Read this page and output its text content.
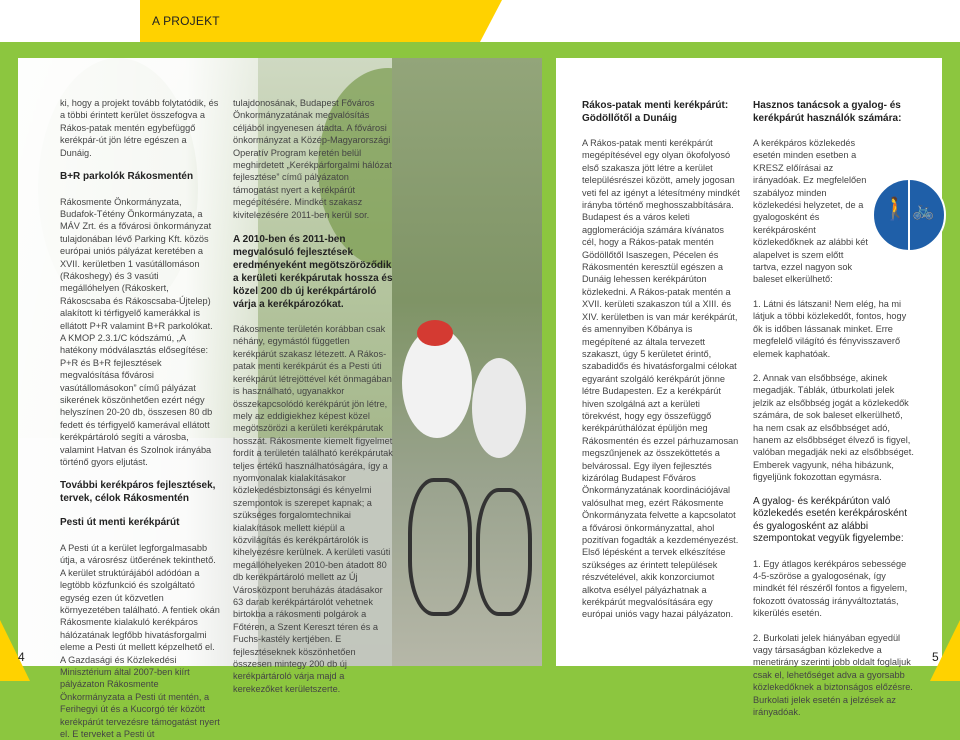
A PROJEKT

ki, hogy a projekt tovább folytatódik, és a többi érintett kerület összefogva a Rákos-patak mentén egybefüggő kerékpár-út jön létre egészen a Dunáig.

B+R parkolók Rákosmentén

Rákosmente Önkormányzata, Budafok-Tétény Önkormányzata, a MÁV Zrt. és a fővárosi önkormányzat tulajdonában lévő Parking Kft. közös európai uniós pályázat keretében a XVII. kerületben 1 vasútállomáson (Rákoshegy) és 3 vasúti megállóhelyen (Rákoskert, Rákoscsaba és Rákoscsaba-Újtelep) alakított ki térfigyelő kamerákkal is ellátott P+R valamint B+R parkolókat. A KMOP 2.3.1/C kódszámú, „A hatékony módválasztás elősegítése: P+R és B+R fejlesztések megvalósítása fővárosi vasútállomásokon” című pályázat sikerének köszönhetően ezért négy helyszínen 20-20 db, összesen 80 db fedett és térfigyelő kamerával ellátott kerékpártároló segíti a városba, valamint Hatvan és Szolnok irányába történő gyors eljutást.

További kerékpáros fejlesztések, tervek, célok Rákosmentén
Pesti út menti kerékpárút

A Pesti út a kerület legforgalmasabb útja, a városrész ütőerének tekinthető. A kerület struktúrájából adódóan a legtöbb közfunkció és szolgáltató egység ezen út közvetlen környezetében található. A fentiek okán Rákosmente kialakuló kerékpáros hálózatának legfőbb hivatásforgalmi eleme a Pesti út mellett képzelhető el. A Gazdasági és Közlekedési Minisztérium által 2007-ben kiírt pályázaton Rákosmente Önkormányzata a Pesti út mentén, a Ferihegyi út és a Kucorgó tér között kerékpárút tervezésre támogatást nyert el. E terveket a Pesti út

tulajdonosának, Budapest Főváros Önkormányzatának megvalósítás céljából ingyenesen átadta. A fővárosi önkormányzat a Közép-Magyarországi Operatív Program keretén belül meghirdetett „Kerékpárforgalmi hálózat fejlesztése” című pályázaton támogatást nyert a kerékpárút megépítésére. Mindkét szakasz kivitelezésére 2011-ben kerül sor.

A 2010-ben és 2011-ben megvalósuló fejlesztések eredményeként megötszöröződik a kerületi kerékpárutak hossza és közel 200 db új kerékpártároló várja a kerékpározókat.

Rákosmente területén korábban csak néhány, egymástól független kerékpárút szakasz létezett. A Rákos-patak menti kerékpárút és a Pesti úti kerékpárút létrejöttével két önmagában is használható, ugyanakkor összekapcsolódó kerékpárút jön létre, mely az eddigiekhez képest közel megötszörözi a kerületi kerékpárutak hosszát. Rákosmente kiemelt figyelmet fordít a területén található kerékpárutak teljes értékű használhatóságára, így a nyomvonalak kialakításakor közlekedésbiztonsági és kényelmi szempontok is szerepet kapnak; a szükséges forgalomtechnikai kialakítások mellett kiépül a közvilágítás és kerékpártárolók is kihelyezésre kerülnek. A kerületi vasúti megállóhelyeken 2010-ben átadott 80 db kerékpártároló mellett az Új Városközpont beruházás átadásakor 63 darab kerékpártárolót vehetnek birtokba a rákosmenti polgárok a Főtéren, a Szent Kereszt téren és a Fuchs-kastély kertjében. E fejlesztéseknek köszönhetően összesen mintegy 200 db új kerékpártároló várja majd a kerekezőket kerületszerte.

Rákos-patak menti kerékpárút: Gödöllőtől a Dunáig

A Rákos-patak menti kerékpárút megépítésével egy olyan ökofolyosó első szakasza jött létre a kerület településrészei között, amely jogosan veti fel az igényt a létesítmény mindkét irányba történő meghosszabbítására. Budapest és a város keleti agglomerációja számára kívánatos cél, hogy a Rákos-patak mentén Gödöllőtől Isaszegen, Pécelen és Rákosmentén keresztül egészen a Dunáig lehessen kerékpárúton közlekedni. A Rákos-patak mentén a XVII. kerületi szakaszon túl a XIII. és XIV. kerületben is van már kerékpárút, és amennyiben Kőbánya is megépítené az általa tervezett szakaszt, úgy 5 kerületet érintő, szabadidős és hivatásforgalmi célokat egyaránt szolgáló kerékpárút jönne létre Budapesten. Ez a kerékpárút hiven szolgálná azt a kerületi törekvést, hogy egy összefüggő kerékpárúthálózat épüljön meg Rákosmentén és ezzel párhuzamosan megszűnjenek az összeköttetés a belvárossal. Egy ilyen fejlesztés kizárólag Budapest Főváros Önkormányzatának koordinációjával valósulhat meg, ezért Rákosmente Önkormányzata felvette a kapcsolatot a fővárosi önkormányzattal, ahol pozitívan fogadták a kezdeményezést. Első lépésként a tervek elkészítése szükséges az érintett települések részvételével, akik konzorciumot alkotva esélyel pályázhatnak a kerékpárút megvalósítására egy európai uniós vagy hazai pályázaton.

Hasznos tanácsok a gyalog- és kerékpárút használók számára:

A kerékpáros közlekedés esetén minden esetben a KRESZ előírásai az irányadóak. Ez megfelelően szabályoz minden közlekedési helyzetet, de a gyalogosként és kerékpárosként közlekedőknek az alábbi két alapelvet is szem előtt tartva, ezzel nagyon sok baleset elkerülhető:

1. Látni és látszani! Nem elég, ha mi látjuk a többi közlekedőt, fontos, hogy ők is időben lássanak minket. Erre megfelelő világító és fényvisszaverő elemek kaphatóak.

2. Annak van elsőbbsége, akinek megadják. Táblák, útburkolati jelek jelzik az elsőbbség jogát a közlekedők számára, de sok baleset elkerülhető, ha nem csak az elsőbbséget adó, hanem az elsőbbséget élvező is figyel, valóban megadják neki az elsőbbséget. Emberek vagyunk, néha hibázunk, figyeljünk fokozottan egymásra.

A gyalog- és kerékpárúton való közlekedés esetén kerékpárosként és gyalogosként az alábbi szempontokat vegyük figyelembe:

1. Egy átlagos kerékpáros sebessége 4-5-szöröse a gyalogosénak, így mindkét fél részéről fontos a figyelem, fokozott óvatosság irányváltoztatás, kikerülés esetén.

2. Burkolati jelek hiányában egyedül vagy társaságban közlekedve a menetirány szerinti jobb oldalt foglaljuk csak el, lehetőséget adva a gyorsabb közlekedőknek a biztonságos előzésre. Burkolati jelek esetén a jelzések az irányadóak.

🚶 🚲
4	5
